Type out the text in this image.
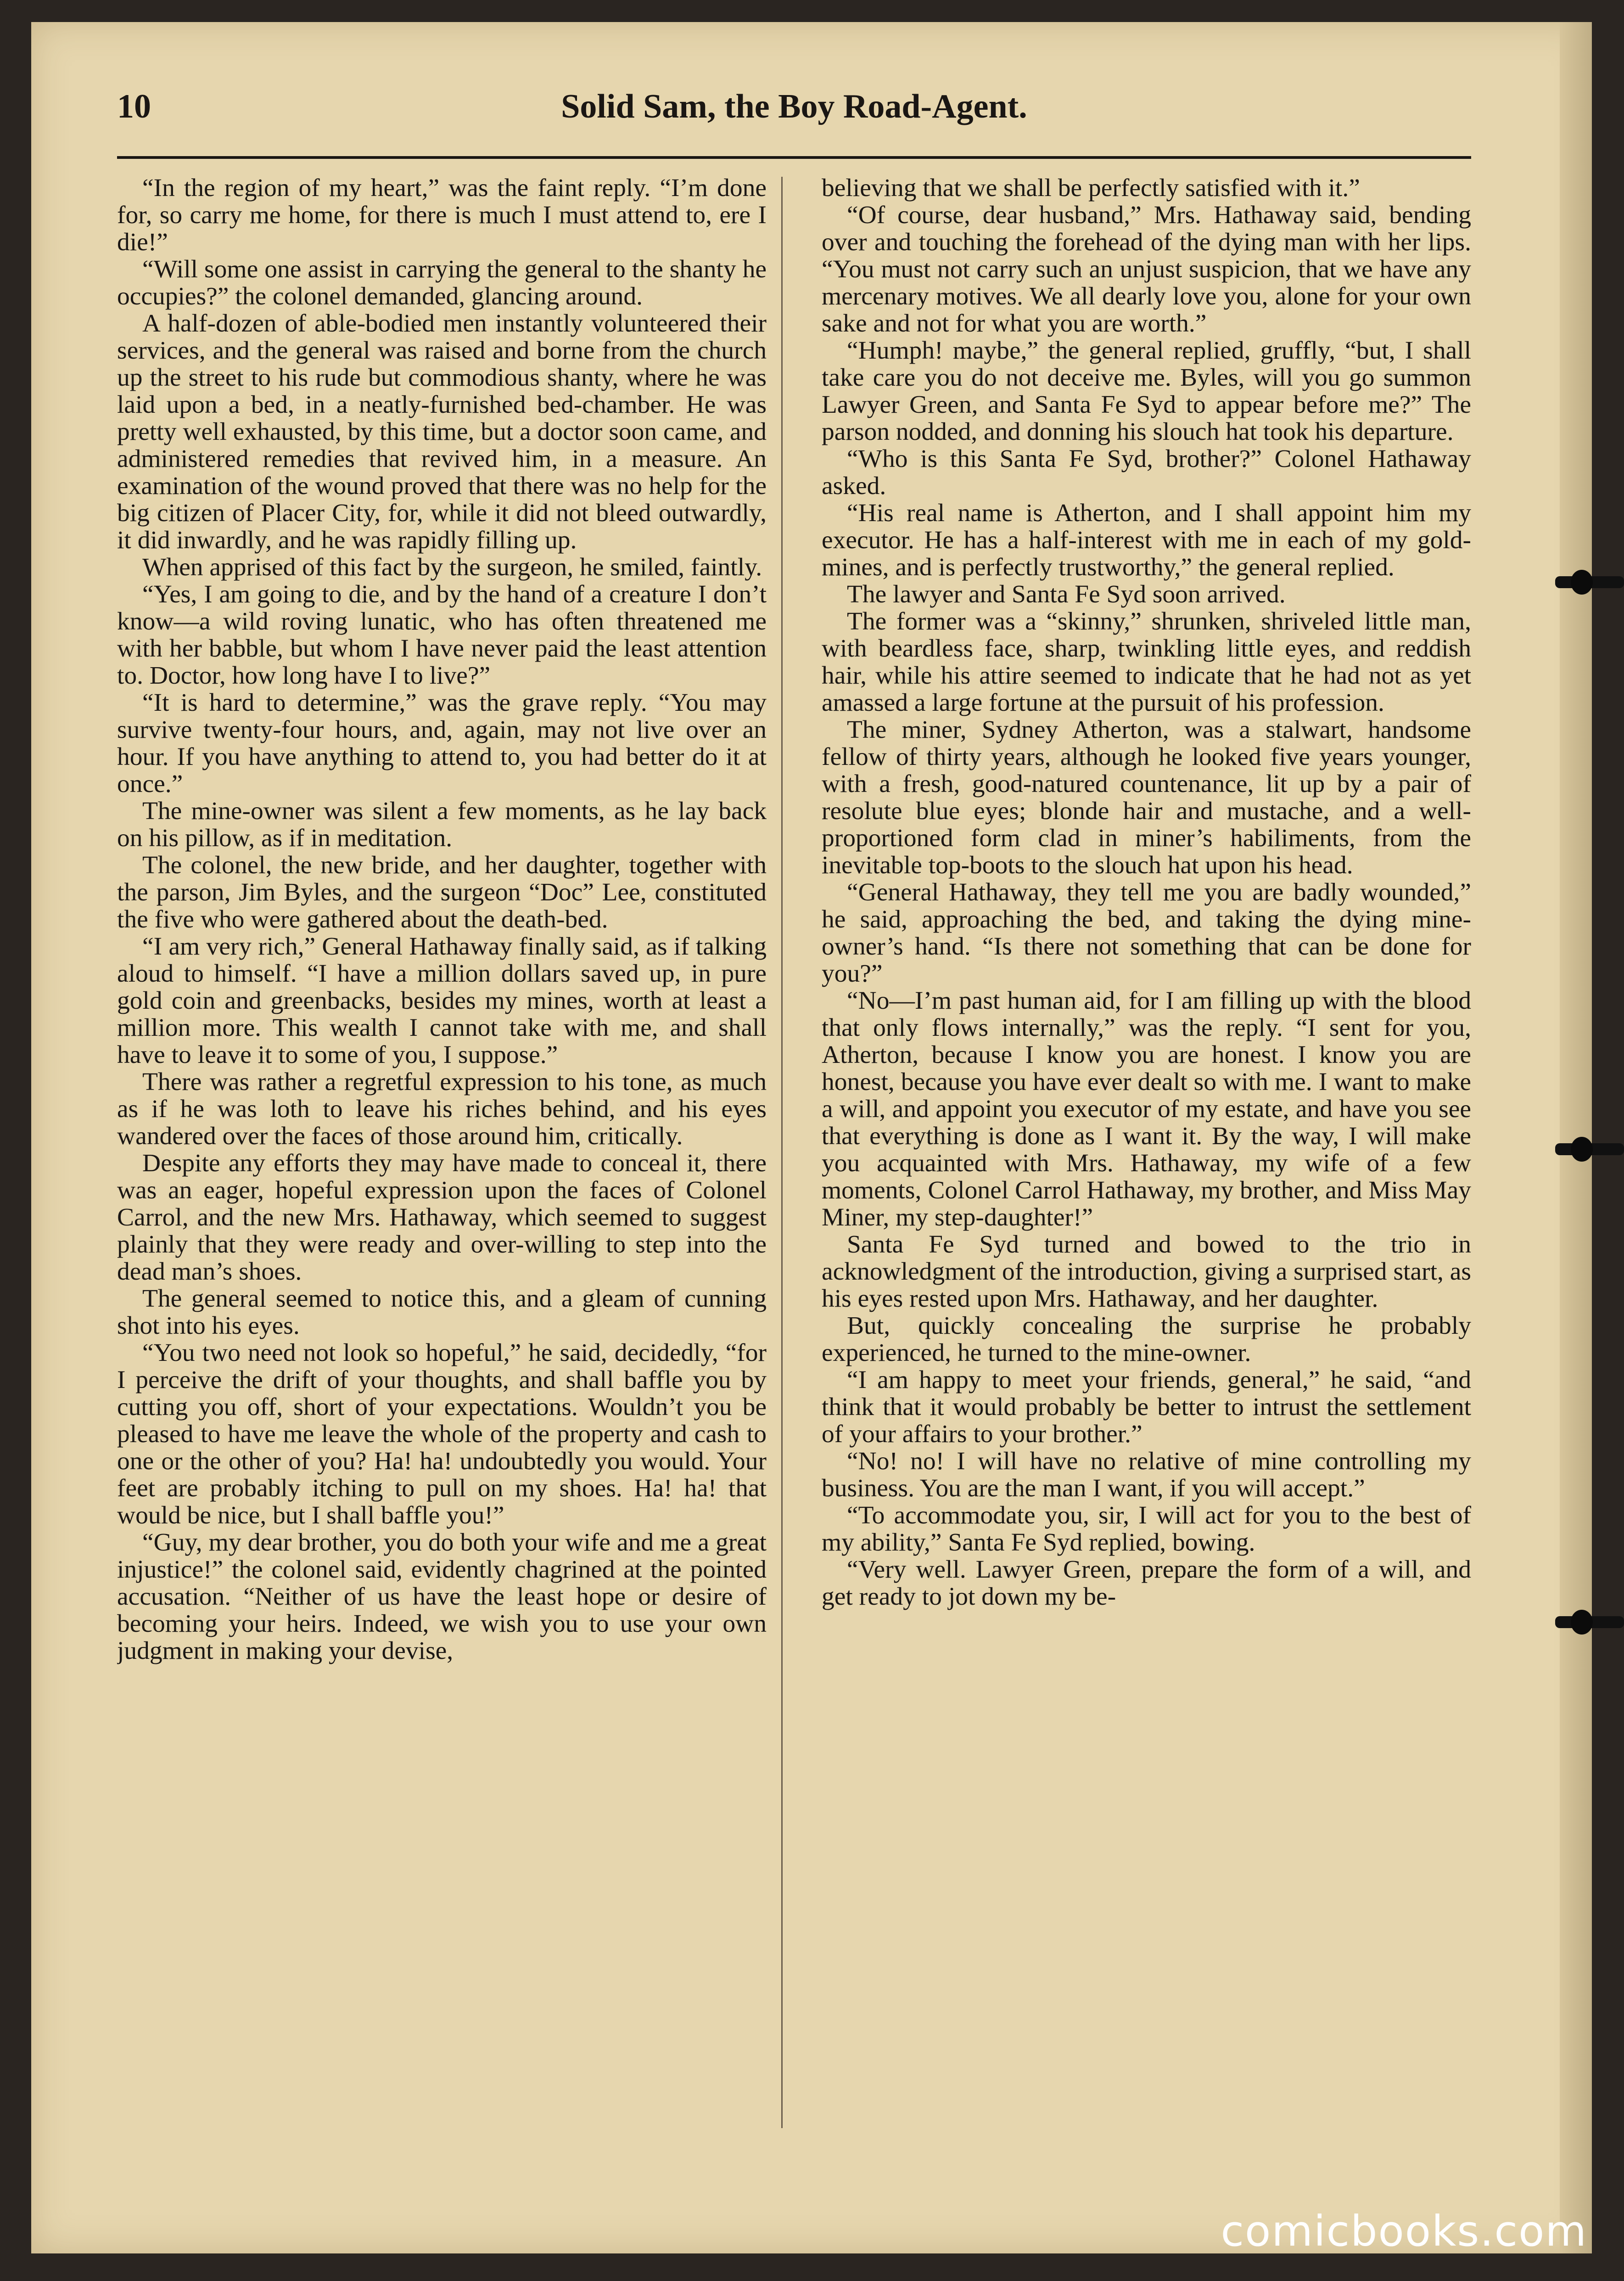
10	Solid Sam, the Boy Road-Agent.

“In the region of my heart,” was the faint reply. “I’m done for, so carry me home, for there is much I must attend to, ere I die!”

“Will some one assist in carrying the general to the shanty he occupies?” the colonel demanded, glancing around.

A half-dozen of able-bodied men instantly volunteered their services, and the general was raised and borne from the church up the street to his rude but commodious shanty, where he was laid upon a bed, in a neatly-furnished bed-chamber. He was pretty well exhausted, by this time, but a doctor soon came, and administered remedies that revived him, in a measure. An examination of the wound proved that there was no help for the big citizen of Placer City, for, while it did not bleed outwardly, it did inwardly, and he was rapidly filling up.

When apprised of this fact by the surgeon, he smiled, faintly.

“Yes, I am going to die, and by the hand of a creature I don’t know—a wild roving lunatic, who has often threatened me with her babble, but whom I have never paid the least attention to. Doctor, how long have I to live?”

“It is hard to determine,” was the grave reply. “You may survive twenty-four hours, and, again, may not live over an hour. If you have anything to attend to, you had better do it at once.”

The mine-owner was silent a few moments, as he lay back on his pillow, as if in meditation.

The colonel, the new bride, and her daughter, together with the parson, Jim Byles, and the surgeon “Doc” Lee, constituted the five who were gathered about the death-bed.

“I am very rich,” General Hathaway finally said, as if talking aloud to himself. “I have a million dollars saved up, in pure gold coin and greenbacks, besides my mines, worth at least a million more. This wealth I cannot take with me, and shall have to leave it to some of you, I suppose.”

There was rather a regretful expression to his tone, as much as if he was loth to leave his riches behind, and his eyes wandered over the faces of those around him, critically.

Despite any efforts they may have made to conceal it, there was an eager, hopeful expression upon the faces of Colonel Carrol, and the new Mrs. Hathaway, which seemed to suggest plainly that they were ready and over-willing to step into the dead man’s shoes.

The general seemed to notice this, and a gleam of cunning shot into his eyes.

“You two need not look so hopeful,” he said, decidedly, “for I perceive the drift of your thoughts, and shall baffle you by cutting you off, short of your expectations. Wouldn’t you be pleased to have me leave the whole of the property and cash to one or the other of you? Ha! ha! undoubtedly you would. Your feet are probably itching to pull on my shoes. Ha! ha! that would be nice, but I shall baffle you!”

“Guy, my dear brother, you do both your wife and me a great injustice!” the colonel said, evidently chagrined at the pointed accusation. “Neither of us have the least hope or desire of becoming your heirs. Indeed, we wish you to use your own judgment in making your devise,

believing that we shall be perfectly satisfied with it.”

“Of course, dear husband,” Mrs. Hathaway said, bending over and touching the forehead of the dying man with her lips. “You must not carry such an unjust suspicion, that we have any mercenary motives. We all dearly love you, alone for your own sake and not for what you are worth.”

“Humph! maybe,” the general replied, gruffly, “but, I shall take care you do not deceive me. Byles, will you go summon Lawyer Green, and Santa Fe Syd to appear before me?” The parson nodded, and donning his slouch hat took his departure.

“Who is this Santa Fe Syd, brother?” Colonel Hathaway asked.

“His real name is Atherton, and I shall appoint him my executor. He has a half-interest with me in each of my gold-mines, and is perfectly trustworthy,” the general replied.

The lawyer and Santa Fe Syd soon arrived.

The former was a “skinny,” shrunken, shriveled little man, with beardless face, sharp, twinkling little eyes, and reddish hair, while his attire seemed to indicate that he had not as yet amassed a large fortune at the pursuit of his profession.

The miner, Sydney Atherton, was a stalwart, handsome fellow of thirty years, although he looked five years younger, with a fresh, good-natured countenance, lit up by a pair of resolute blue eyes; blonde hair and mustache, and a well-proportioned form clad in miner’s habiliments, from the inevitable top-boots to the slouch hat upon his head.

“General Hathaway, they tell me you are badly wounded,” he said, approaching the bed, and taking the dying mine-owner’s hand. “Is there not something that can be done for you?”

“No—I’m past human aid, for I am filling up with the blood that only flows internally,” was the reply. “I sent for you, Atherton, because I know you are honest. I know you are honest, because you have ever dealt so with me. I want to make a will, and appoint you executor of my estate, and have you see that everything is done as I want it. By the way, I will make you acquainted with Mrs. Hathaway, my wife of a few moments, Colonel Carrol Hathaway, my brother, and Miss May Miner, my step-daughter!”

Santa Fe Syd turned and bowed to the trio in acknowledgment of the introduction, giving a surprised start, as his eyes rested upon Mrs. Hathaway, and her daughter.

But, quickly concealing the surprise he probably experienced, he turned to the mine-owner.

“I am happy to meet your friends, general,” he said, “and think that it would probably be better to intrust the settlement of your affairs to your brother.”

“No! no! I will have no relative of mine controlling my business. You are the man I want, if you will accept.”

“To accommodate you, sir, I will act for you to the best of my ability,” Santa Fe Syd replied, bowing.

“Very well. Lawyer Green, prepare the form of a will, and get ready to jot down my be-

comicbooks.com
